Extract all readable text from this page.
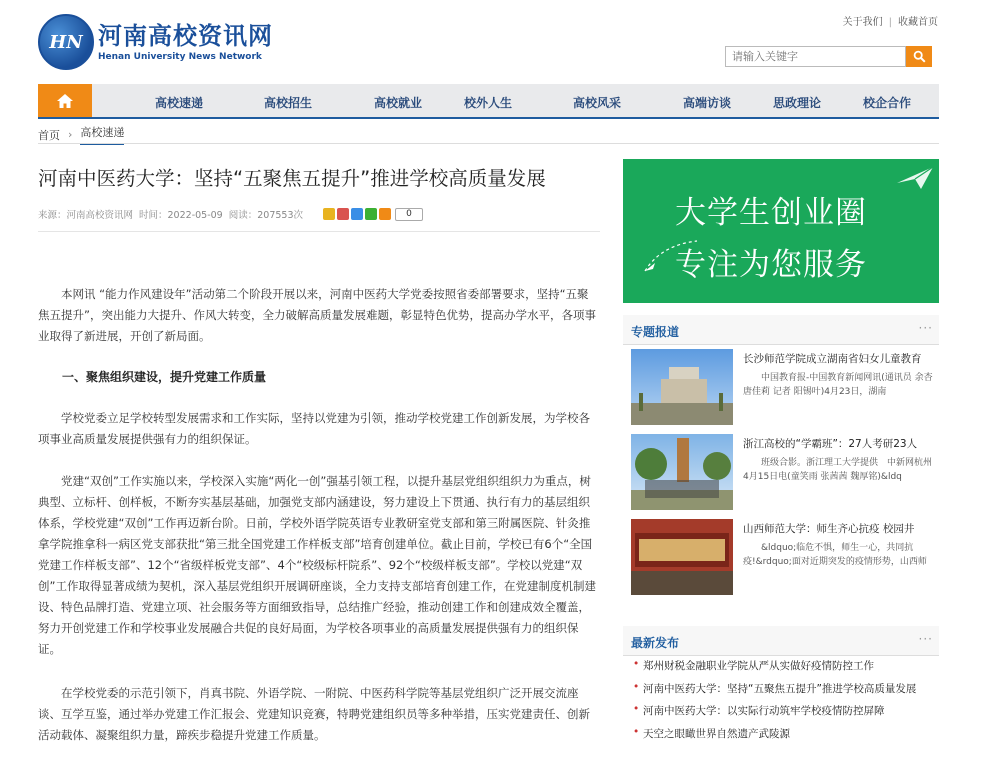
HN 河南高校资讯网
Henan University News Network
关于我们 | 收藏首页
请输入关键字
高校速递	高校招生	高校就业	校外人生	高校风采	高端访谈	思政理论	校企合作
首页 › 高校速递
河南中医药大学：坚持“五聚焦五提升”推进学校高质量发展
来源：河南高校资讯网 时间：2022-05-09 阅读：207553次	0

本网讯 “能力作风建设年”活动第二个阶段开展以来，河南中医药大学党委按照省委部署要求，坚持“五聚焦五提升”，突出能力大提升、作风大转变，全力破解高质量发展难题，彰显特色优势，提高办学水平，各项事业取得了新进展，开创了新局面。

一、聚焦组织建设，提升党建工作质量

学校党委立足学校转型发展需求和工作实际，坚持以党建为引领，推动学校党建工作创新发展，为学校各项事业高质量发展提供强有力的组织保证。

党建“双创”工作实施以来，学校深入实施“两化一创”强基引领工程，以提升基层党组织组织力为重点，树典型、立标杆、创样板，不断夯实基层基础，加强党支部内涵建设，努力建设上下贯通、执行有力的基层组织体系，学校党建“双创”工作再迈新台阶。日前，学校外语学院英语专业教研室党支部和第三附属医院、针灸推拿学院推拿科一病区党支部获批“第三批全国党建工作样板支部”培育创建单位。截止目前，学校已有6个“全国党建工作样板支部”、12个“省级样板党支部”、4个“校级标杆院系”、92个“校级样板支部”。学校以党建“双创”工作取得显著成绩为契机，深入基层党组织开展调研座谈，全力支持支部培育创建工作，在党建制度机制建设、特色品牌打造、党建立项、社会服务等方面细致指导，总结推广经验，推动创建工作和创建成效全覆盖，努力开创党建工作和学校事业发展融合共促的良好局面，为学校各项事业的高质量发展提供强有力的组织保证。

在学校党委的示范引领下，肖真书院、外语学院、一附院、中医药科学院等基层党组织广泛开展交流座谈、互学互鉴，通过举办党建工作汇报会、党建知识竞赛，特聘党建组织员等多种举措，压实党建责任、创新活动载体、凝聚组织力量，蹄疾步稳提升党建工作质量。

大学生创业圈
专注为您服务
专题报道	···
长沙师范学院成立湖南省妇女儿童教育
中国教育报-中国教育新闻网讯(通讯员 余杏 唐佳莉 记者 阳锡叶)4月23日，湖南
浙江高校的“学霸班”：27人考研23人
班级合影。浙江理工大学提供　中新网杭州4月15日电(童笑雨 张茜茜 魏厚铭)&ldq
山西师范大学：师生齐心抗疫 校园井
&ldquo;临危不惧，师生一心，共同抗疫!&rdquo;面对近期突发的疫情形势，山西师
最新发布	···
• 郑州财税金融职业学院从严从实做好疫情防控工作
• 河南中医药大学：坚持“五聚焦五提升”推进学校高质量发展
• 河南中医药大学：以实际行动筑牢学校疫情防控屏障
• 天空之眼瞰世界自然遗产武陵源
